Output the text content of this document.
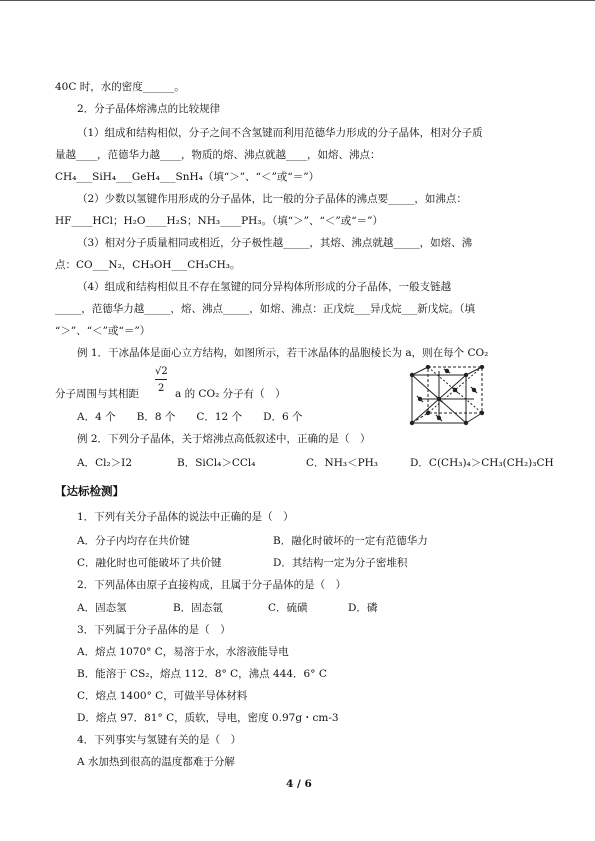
40C 时，水的密度______。
2．分子晶体熔沸点的比较规律
（1）组成和结构相似，分子之间不含氢键而利用范德华力形成的分子晶体，相对分子质
量越____，范德华力越____，物质的熔、沸点就越____，如熔、沸点：
CH₄___SiH₄___GeH₄___SnH₄（填“＞”、“＜”或“＝”）
（2）少数以氢键作用形成的分子晶体，比一般的分子晶体的沸点要_____，如沸点：
HF____HCl；H₂O____H₂S；NH₃____PH₃。（填“＞”、“＜”或“＝”）
（3）相对分子质量相同或相近，分子极性越_____，其熔、沸点就越_____，如熔、沸
点：CO___N₂，CH₃OH___CH₃CH₃。
（4）组成和结构相似且不存在氢键的同分异构体所形成的分子晶体，一般支链越
_____，范德华力越_____，熔、沸点_____，如熔、沸点：正戊烷___异戊烷___新戊烷。（填
“＞”、“＜”或“＝”）
例 1．干冰晶体是面心立方结构，如图所示，若干冰晶体的晶胞棱长为 a，则在每个 CO₂
分子周围与其相距
√2
2 a 的 CO₂ 分子有（　）
A．4 个　　B．8 个　　C．12 个　　D．6 个
例 2．下列分子晶体，关于熔沸点高低叙述中，正确的是（　）
A．Cl₂＞I2	B．SiCl₄＞CCl₄	C．NH₃＜PH₃	D．C(CH₃)₄＞CH₃(CH₂)₃CH
【达标检测】
1．下列有关分子晶体的说法中正确的是（　）
A．分子内均存在共价键	B．融化时破坏的一定有范德华力
C．融化时也可能破坏了共价键	D．其结构一定为分子密堆积
2．下列晶体由原子直接构成，且属于分子晶体的是（　）
A．固态氢	B．固态氩	C．硫磺	D．磷
3．下列属于分子晶体的是（　）
A．熔点 1070° C，易溶于水，水溶液能导电
B．能溶于 CS₂，熔点 112．8° C，沸点 444．6° C
C．熔点 1400° C，可做半导体材料
D．熔点 97．81° C，质软，导电，密度 0.97g・cm-3
4．下列事实与氢键有关的是（　）
A 水加热到很高的温度都难于分解
4 / 6
